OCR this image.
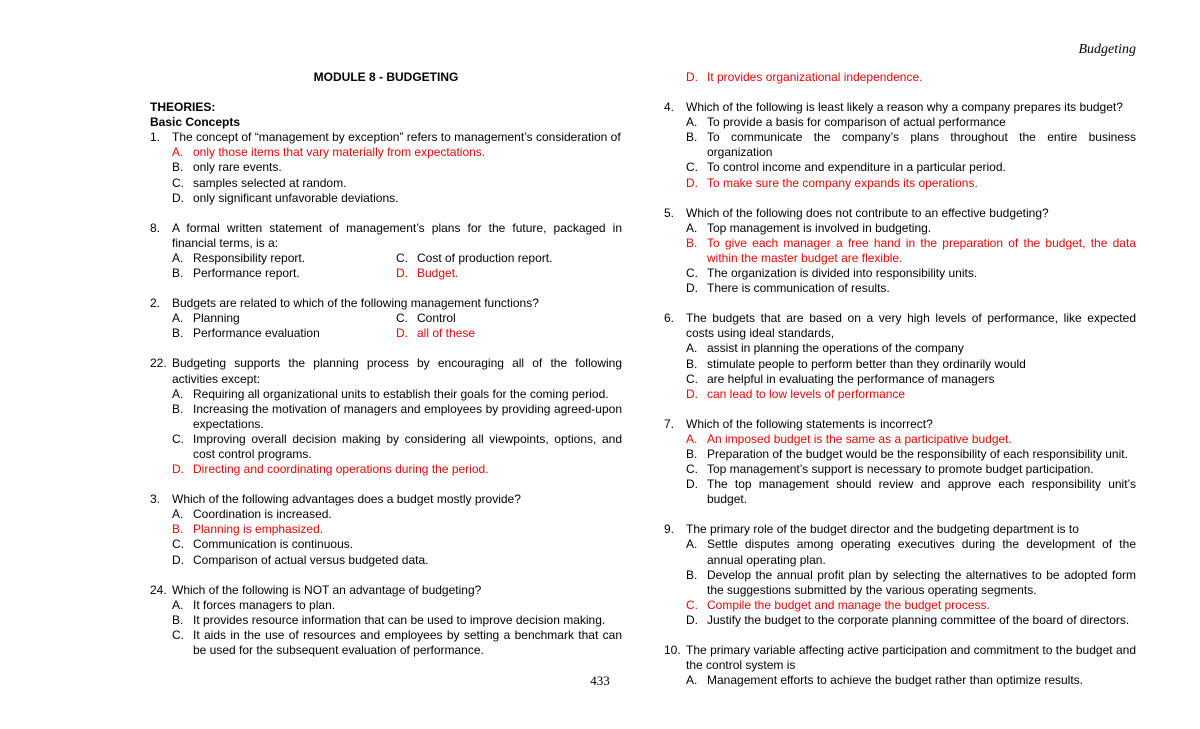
Budgeting
MODULE 8 - BUDGETING
THEORIES:
Basic Concepts
1. The concept of “management by exception” refers to management’s consideration of
A. only those items that vary materially from expectations.
B. only rare events.
C. samples selected at random.
D. only significant unfavorable deviations.
8. A formal written statement of management’s plans for the future, packaged in financial terms, is a:
A. Responsibility report.	C. Cost of production report.
B. Performance report.	D. Budget.
2. Budgets are related to which of the following management functions?
A. Planning	C. Control
B. Performance evaluation	D. all of these
22. Budgeting supports the planning process by encouraging all of the following activities except:
A. Requiring all organizational units to establish their goals for the coming period.
B. Increasing the motivation of managers and employees by providing agreed-upon expectations.
C. Improving overall decision making by considering all viewpoints, options, and cost control programs.
D. Directing and coordinating operations during the period.
3. Which of the following advantages does a budget mostly provide?
A. Coordination is increased.
B. Planning is emphasized.
C. Communication is continuous.
D. Comparison of actual versus budgeted data.
24. Which of the following is NOT an advantage of budgeting?
A. It forces managers to plan.
B. It provides resource information that can be used to improve decision making.
C. It aids in the use of resources and employees by setting a benchmark that can be used for the subsequent evaluation of performance.
D. It provides organizational independence.
4. Which of the following is least likely a reason why a company prepares its budget?
A. To provide a basis for comparison of actual performance
B. To communicate the company’s plans throughout the entire business organization
C. To control income and expenditure in a particular period.
D. To make sure the company expands its operations.
5. Which of the following does not contribute to an effective budgeting?
A. Top management is involved in budgeting.
B. To give each manager a free hand in the preparation of the budget, the data within the master budget are flexible.
C. The organization is divided into responsibility units.
D. There is communication of results.
6. The budgets that are based on a very high levels of performance, like expected costs using ideal standards,
A. assist in planning the operations of the company
B. stimulate people to perform better than they ordinarily would
C. are helpful in evaluating the performance of managers
D. can lead to low levels of performance
7. Which of the following statements is incorrect?
A. An imposed budget is the same as a participative budget.
B. Preparation of the budget would be the responsibility of each responsibility unit.
C. Top management’s support is necessary to promote budget participation.
D. The top management should review and approve each responsibility unit’s budget.
9. The primary role of the budget director and the budgeting department is to
A. Settle disputes among operating executives during the development of the annual operating plan.
B. Develop the annual profit plan by selecting the alternatives to be adopted form the suggestions submitted by the various operating segments.
C. Compile the budget and manage the budget process.
D. Justify the budget to the corporate planning committee of the board of directors.
10. The primary variable affecting active participation and commitment to the budget and the control system is
A. Management efforts to achieve the budget rather than optimize results.
433
